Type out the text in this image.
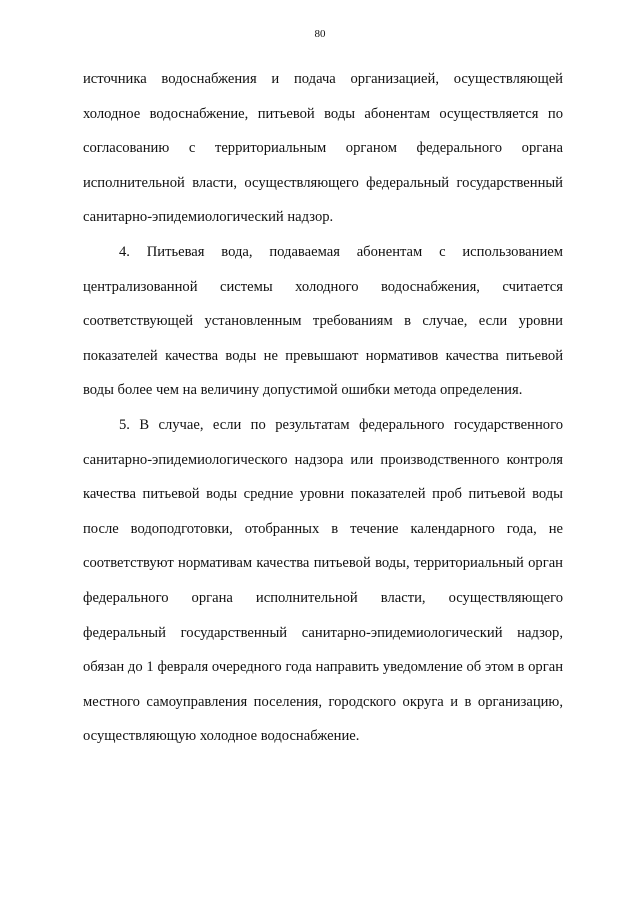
80

источника водоснабжения и подача организацией, осуществляющей холодное водоснабжение, питьевой воды абонентам осуществляется по согласованию с территориальным органом федерального органа исполнительной власти, осуществляющего федеральный государственный санитарно-эпидемиологический надзор.

4. Питьевая вода, подаваемая абонентам с использованием централизованной системы холодного водоснабжения, считается соответствующей установленным требованиям в случае, если уровни показателей качества воды не превышают нормативов качества питьевой воды более чем на величину допустимой ошибки метода определения.

5. В случае, если по результатам федерального государственного санитарно-эпидемиологического надзора или производственного контроля качества питьевой воды средние уровни показателей проб питьевой воды после водоподготовки, отобранных в течение календарного года, не соответствуют нормативам качества питьевой воды, территориальный орган федерального органа исполнительной власти, осуществляющего федеральный государственный санитарно-эпидемиологический надзор, обязан до 1 февраля очередного года направить уведомление об этом в орган местного самоуправления поселения, городского округа и в организацию, осуществляющую холодное водоснабжение.
